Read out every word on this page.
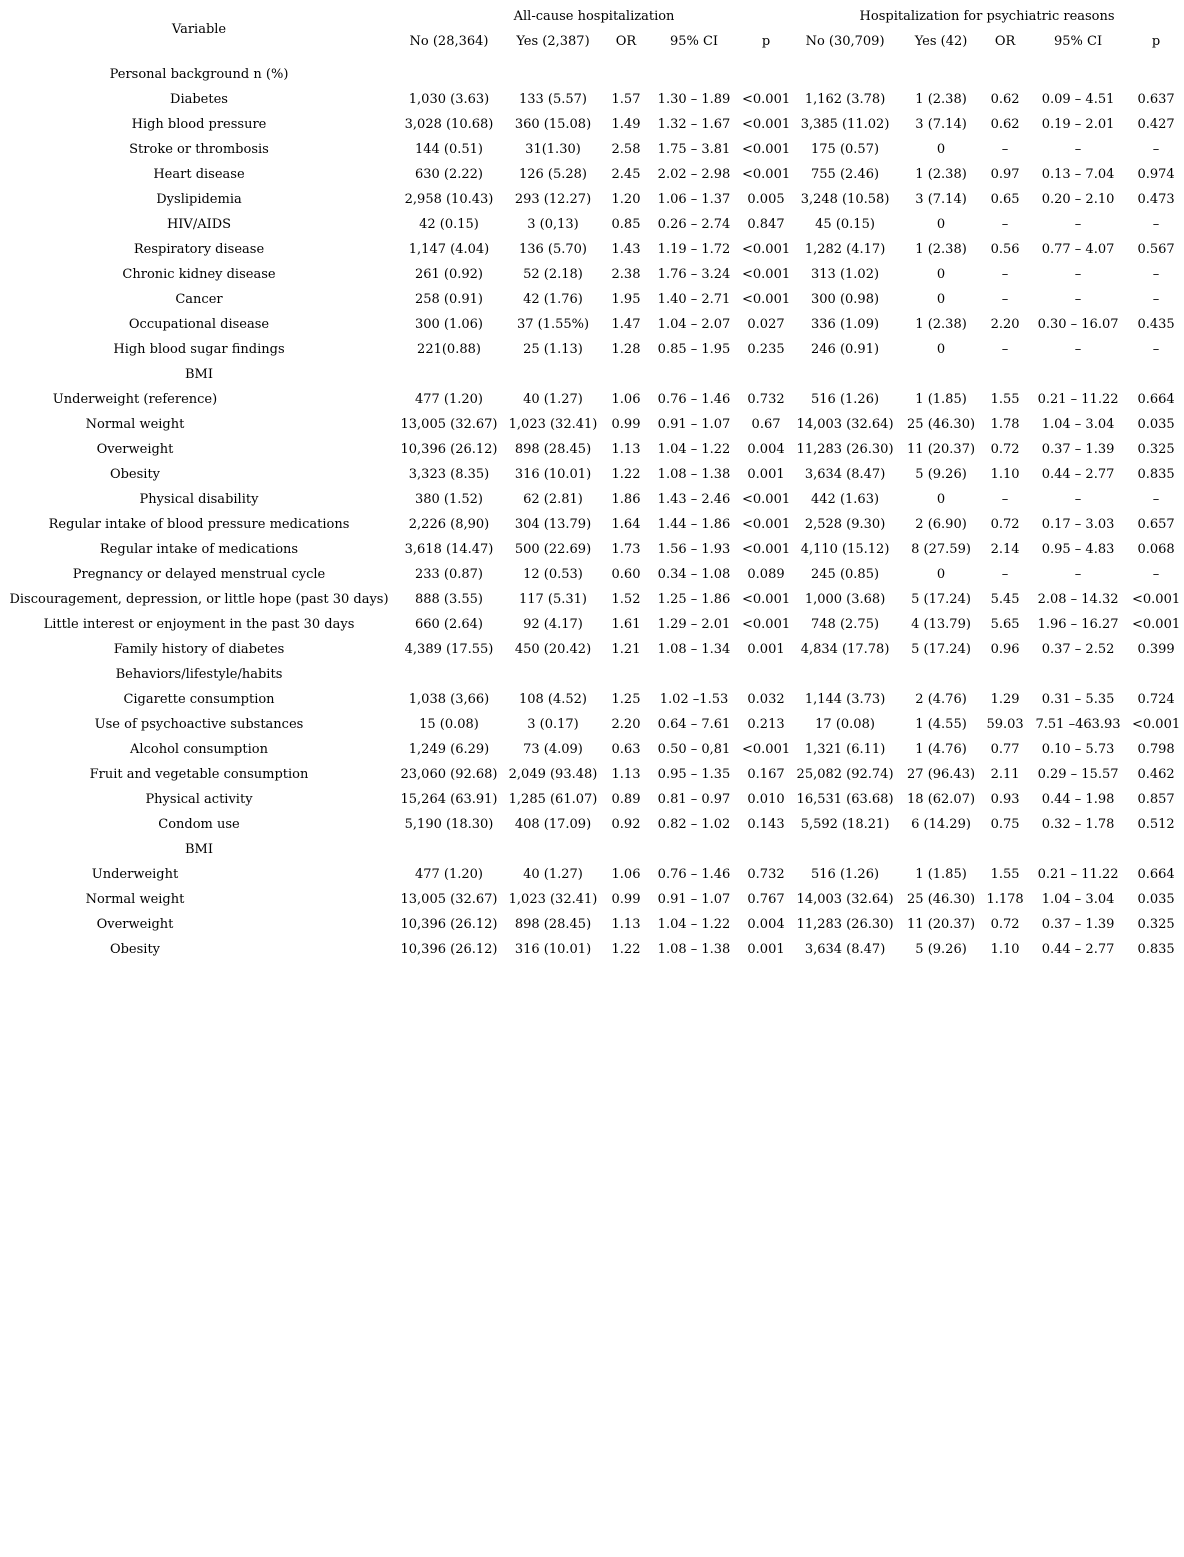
Variable	All-cause hospitalization					Hospitalization for psychiatric reasons				
	No (28,364)	Yes (2,387)	OR	95% CI	p	No (30,709)	Yes (42)	OR	95% CI	p
Personal background n (%)										
Diabetes	1,030 (3.63)	133 (5.57)	1.57	1.30 – 1.89	<0.001	1,162 (3.78)	1 (2.38)	0.62	0.09 – 4.51	0.637
High blood pressure	3,028 (10.68)	360 (15.08)	1.49	1.32 – 1.67	<0.001	3,385 (11.02)	3 (7.14)	0.62	0.19 – 2.01	0.427
Stroke or thrombosis	144 (0.51)	31(1.30)	2.58	1.75 – 3.81	<0.001	175 (0.57)	0	–	–	–
Heart disease	630 (2.22)	126 (5.28)	2.45	2.02 – 2.98	<0.001	755 (2.46)	1 (2.38)	0.97	0.13 – 7.04	0.974
Dyslipidemia	2,958 (10.43)	293 (12.27)	1.20	1.06 – 1.37	0.005	3,248 (10.58)	3 (7.14)	0.65	0.20 – 2.10	0.473
HIV/AIDS	42 (0.15)	3 (0,13)	0.85	0.26 – 2.74	0.847	45 (0.15)	0	–	–	–
Respiratory disease	1,147 (4.04)	136 (5.70)	1.43	1.19 – 1.72	<0.001	1,282 (4.17)	1 (2.38)	0.56	0.77 – 4.07	0.567
Chronic kidney disease	261 (0.92)	52 (2.18)	2.38	1.76 – 3.24	<0.001	313 (1.02)	0	–	–	–
Cancer	258 (0.91)	42 (1.76)	1.95	1.40 – 2.71	<0.001	300 (0.98)	0	–	–	–
Occupational disease	300 (1.06)	37 (1.55%)	1.47	1.04 – 2.07	0.027	336 (1.09)	1 (2.38)	2.20	0.30 – 16.07	0.435
High blood sugar findings	221(0.88)	25 (1.13)	1.28	0.85 – 1.95	0.235	246 (0.91)	0	–	–	–
BMI										

Underweight (reference)	477 (1.20)	40 (1.27)	1.06	0.76 – 1.46	0.732	516 (1.26)	1 (1.85)	1.55	0.21 – 11.22	0.664

Normal weight	13,005 (32.67)	1,023 (32.41)	0.99	0.91 – 1.07	0.67	14,003 (32.64)	25 (46.30)	1.78	1.04 – 3.04	0.035

Overweight	10,396 (26.12)	898 (28.45)	1.13	1.04 – 1.22	0.004	11,283 (26.30)	11 (20.37)	0.72	0.37 – 1.39	0.325

Obesity	3,323 (8.35)	316 (10.01)	1.22	1.08 – 1.38	0.001	3,634 (8.47)	5 (9.26)	1.10	0.44 – 2.77	0.835
Physical disability	380 (1.52)	62 (2.81)	1.86	1.43 – 2.46	<0.001	442 (1.63)	0	–	–	–
Regular intake of blood pressure medications	2,226 (8,90)	304 (13.79)	1.64	1.44 – 1.86	<0.001	2,528 (9.30)	2 (6.90)	0.72	0.17 – 3.03	0.657
Regular intake of medications	3,618 (14.47)	500 (22.69)	1.73	1.56 – 1.93	<0.001	4,110 (15.12)	8 (27.59)	2.14	0.95 – 4.83	0.068
Pregnancy or delayed menstrual cycle	233 (0.87)	12 (0.53)	0.60	0.34 – 1.08	0.089	245 (0.85)	0	–	–	–
Discouragement, depression, or little hope (past 30 days)	888 (3.55)	117 (5.31)	1.52	1.25 – 1.86	<0.001	1,000 (3.68)	5 (17.24)	5.45	2.08 – 14.32	<0.001
Little interest or enjoyment in the past 30 days	660 (2.64)	92 (4.17)	1.61	1.29 – 2.01	<0.001	748 (2.75)	4 (13.79)	5.65	1.96 – 16.27	<0.001
Family history of diabetes	4,389 (17.55)	450 (20.42)	1.21	1.08 – 1.34	0.001	4,834 (17.78)	5 (17.24)	0.96	0.37 – 2.52	0.399
Behaviors/lifestyle/habits										
Cigarette consumption	1,038 (3,66)	108 (4.52)	1.25	1.02 –1.53	0.032	1,144 (3.73)	2 (4.76)	1.29	0.31 – 5.35	0.724
Use of psychoactive substances	15 (0.08)	3 (0.17)	2.20	0.64 – 7.61	0.213	17 (0.08)	1 (4.55)	59.03	7.51 –463.93	<0.001
Alcohol consumption	1,249 (6.29)	73 (4.09)	0.63	0.50 – 0,81	<0.001	1,321 (6.11)	1 (4.76)	0.77	0.10 – 5.73	0.798
Fruit and vegetable consumption	23,060 (92.68)	2,049 (93.48)	1.13	0.95 – 1.35	0.167	25,082 (92.74)	27 (96.43)	2.11	0.29 – 15.57	0.462
Physical activity	15,264 (63.91)	1,285 (61.07)	0.89	0.81 – 0.97	0.010	16,531 (63.68)	18 (62.07)	0.93	0.44 – 1.98	0.857
Condom use	5,190 (18.30)	408 (17.09)	0.92	0.82 – 1.02	0.143	5,592 (18.21)	6 (14.29)	0.75	0.32 – 1.78	0.512
BMI										

Underweight	477 (1.20)	40 (1.27)	1.06	0.76 – 1.46	0.732	516 (1.26)	1 (1.85)	1.55	0.21 – 11.22	0.664

Normal weight	13,005 (32.67)	1,023 (32.41)	0.99	0.91 – 1.07	0.767	14,003 (32.64)	25 (46.30)	1.178	1.04 – 3.04	0.035

Overweight	10,396 (26.12)	898 (28.45)	1.13	1.04 – 1.22	0.004	11,283 (26.30)	11 (20.37)	0.72	0.37 – 1.39	0.325

Obesity	10,396 (26.12)	316 (10.01)	1.22	1.08 – 1.38	0.001	3,634 (8.47)	5 (9.26)	1.10	0.44 – 2.77	0.835
